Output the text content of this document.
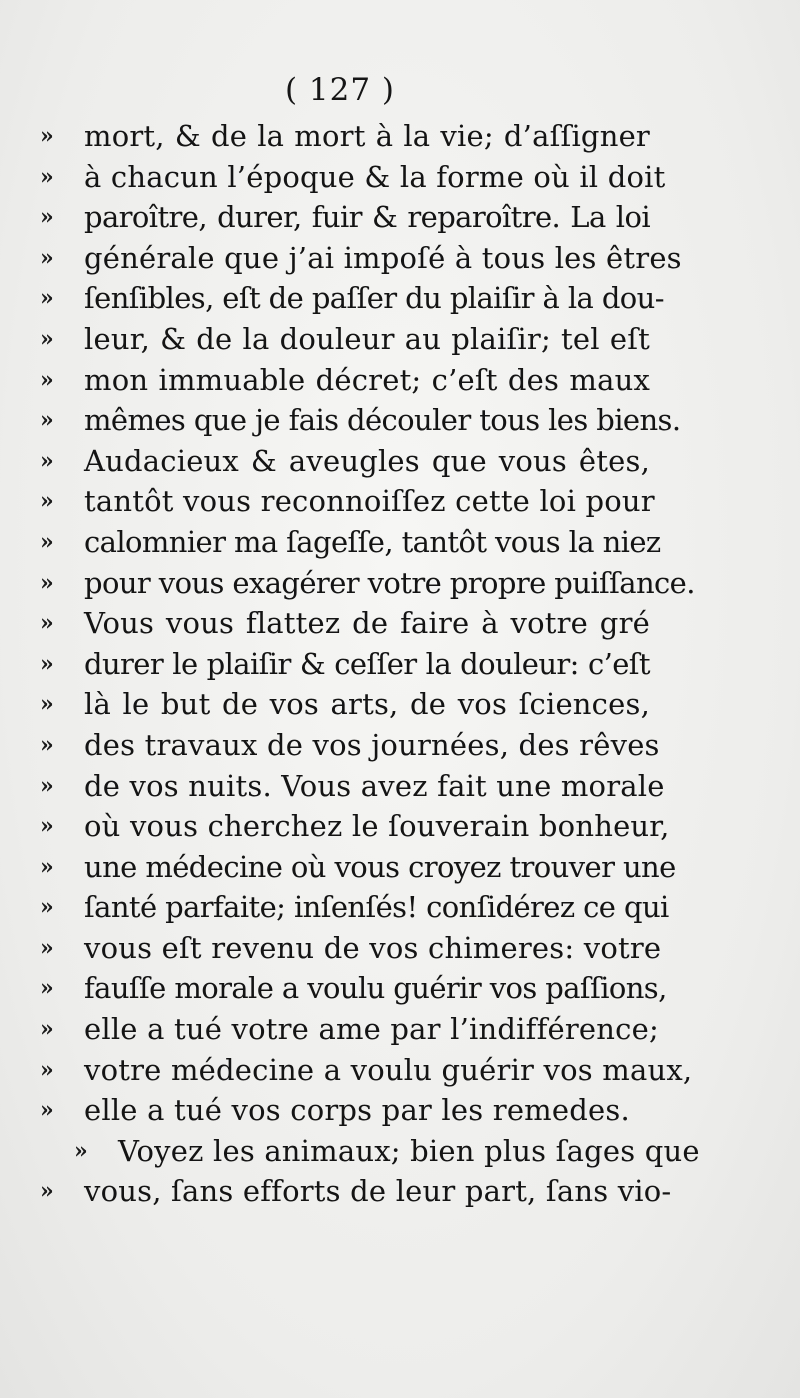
( 127 )
»	mort, & de la mort à la vie; d’aſſigner
»	à chacun l’époque & la forme où il doit
»	paroître, durer, fuir & reparoître. La loi
»	générale que j’ai impoſé à tous les êtres
»	ſenſibles, eſt de paſſer du plaiſir à la dou-
»	leur, & de la douleur au plaiſir; tel eſt
»	mon immuable décret; c’eſt des maux
»	mêmes que je fais découler tous les biens.
»	Audacieux & aveugles que vous êtes,
»	tantôt vous reconnoiſſez cette loi pour
»	calomnier ma ſageſſe, tantôt vous la niez
»	pour vous exagérer votre propre puiſſance.
»	Vous vous flattez de faire à votre gré
»	durer le plaiſir & ceſſer la douleur: c’eſt
»	là le but de vos arts, de vos ſciences,
»	des travaux de vos journées, des rêves
»	de vos nuits. Vous avez fait une morale
»	où vous cherchez le ſouverain bonheur,
»	une médecine où vous croyez trouver une
»	ſanté parfaite; inſenſés! conſidérez ce qui
»	vous eſt revenu de vos chimeres: votre
»	fauſſe morale a voulu guérir vos paſſions,
»	elle a tué votre ame par l’indifférence;
»	votre médecine a voulu guérir vos maux,
»	elle a tué vos corps par les remedes.
»	Voyez les animaux; bien plus ſages que
»	vous, ſans efforts de leur part, ſans vio-
